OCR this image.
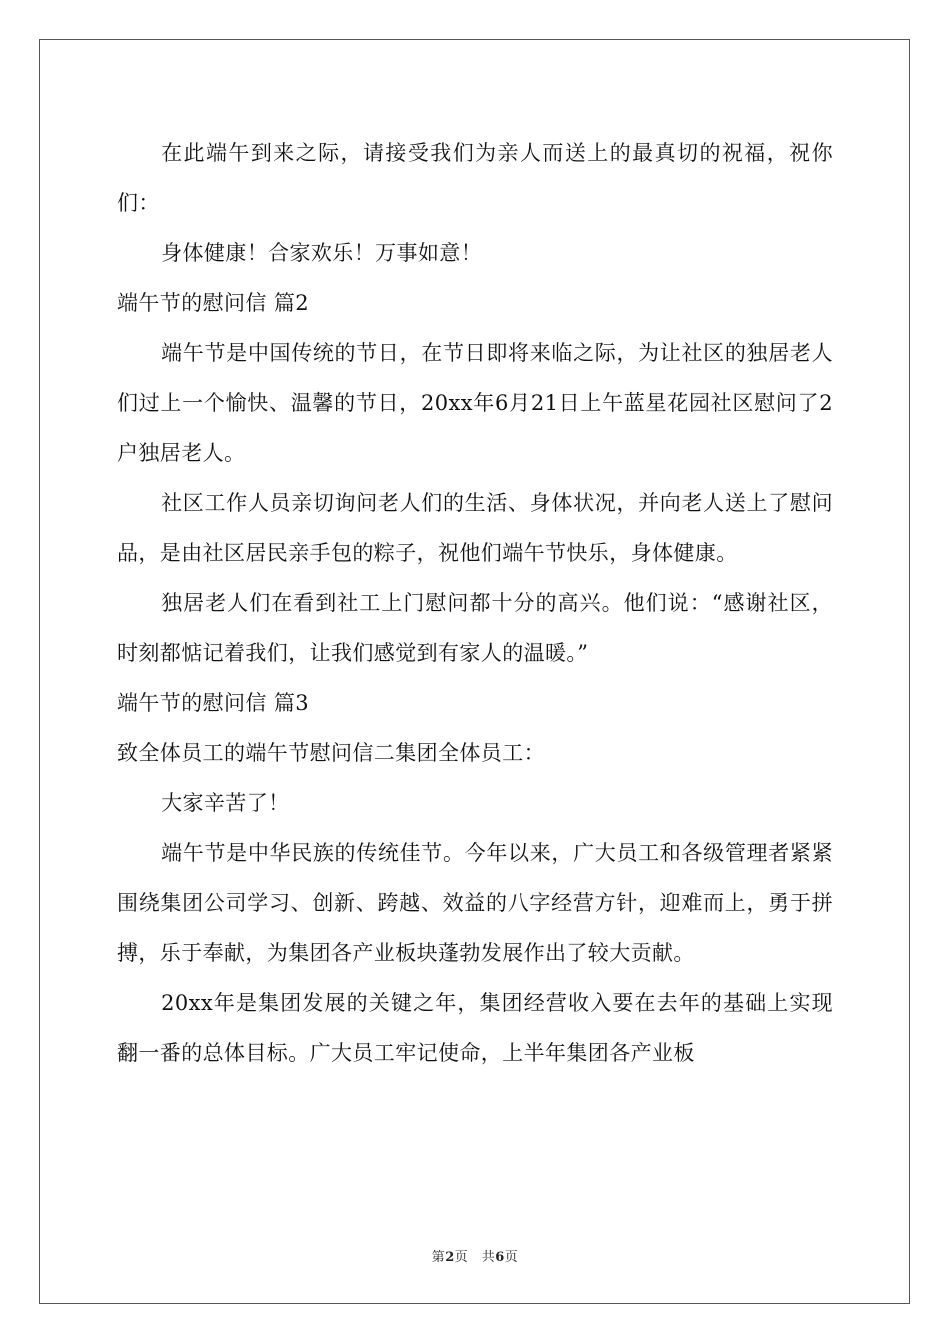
在此端午到来之际，请接受我们为亲人而送上的最真切的祝福，祝你们：

身体健康！合家欢乐！万事如意！

端午节的慰问信 篇2

端午节是中国传统的节日，在节日即将来临之际，为让社区的独居老人们过上一个愉快、温馨的节日，20xx年6月21日上午蓝星花园社区慰问了2户独居老人。

社区工作人员亲切询问老人们的生活、身体状况，并向老人送上了慰问品，是由社区居民亲手包的粽子，祝他们端午节快乐，身体健康。

独居老人们在看到社工上门慰问都十分的高兴。他们说：“感谢社区，时刻都惦记着我们，让我们感觉到有家人的温暖。”

端午节的慰问信 篇3

致全体员工的端午节慰问信二集团全体员工：

大家辛苦了！

端午节是中华民族的传统佳节。今年以来，广大员工和各级管理者紧紧围绕集团公司学习、创新、跨越、效益的八字经营方针，迎难而上，勇于拼搏，乐于奉献，为集团各产业板块蓬勃发展作出了较大贡献。

20xx年是集团发展的关键之年，集团经营收入要在去年的基础上实现翻一番的总体目标。广大员工牢记使命，上半年集团各产业板

第2页　共6页
